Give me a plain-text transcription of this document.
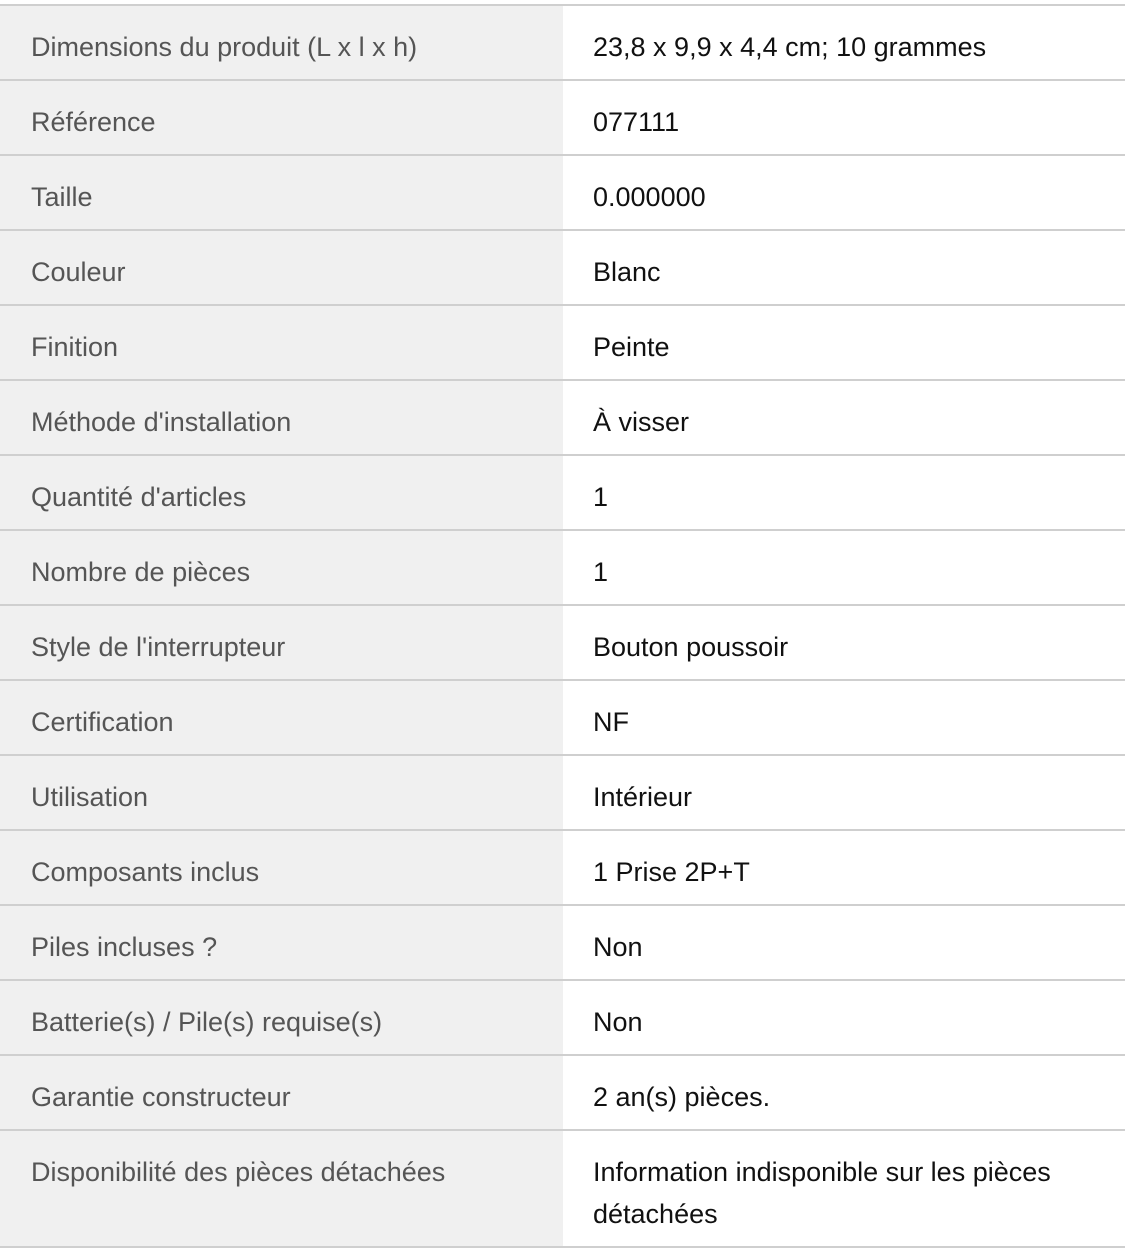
Dimensions du produit (L x l x h)	23,8 x 9,9 x 4,4 cm; 10 grammes
Référence	077111
Taille	0.000000
Couleur	Blanc
Finition	Peinte
Méthode d'installation	À visser
Quantité d'articles	1
Nombre de pièces	1
Style de l'interrupteur	Bouton poussoir
Certification	NF
Utilisation	Intérieur
Composants inclus	1 Prise 2P+T
Piles incluses ?	Non
Batterie(s) / Pile(s) requise(s)	Non
Garantie constructeur	2 an(s) pièces.
Disponibilité des pièces détachées	Information indisponible sur les pièces détachées
